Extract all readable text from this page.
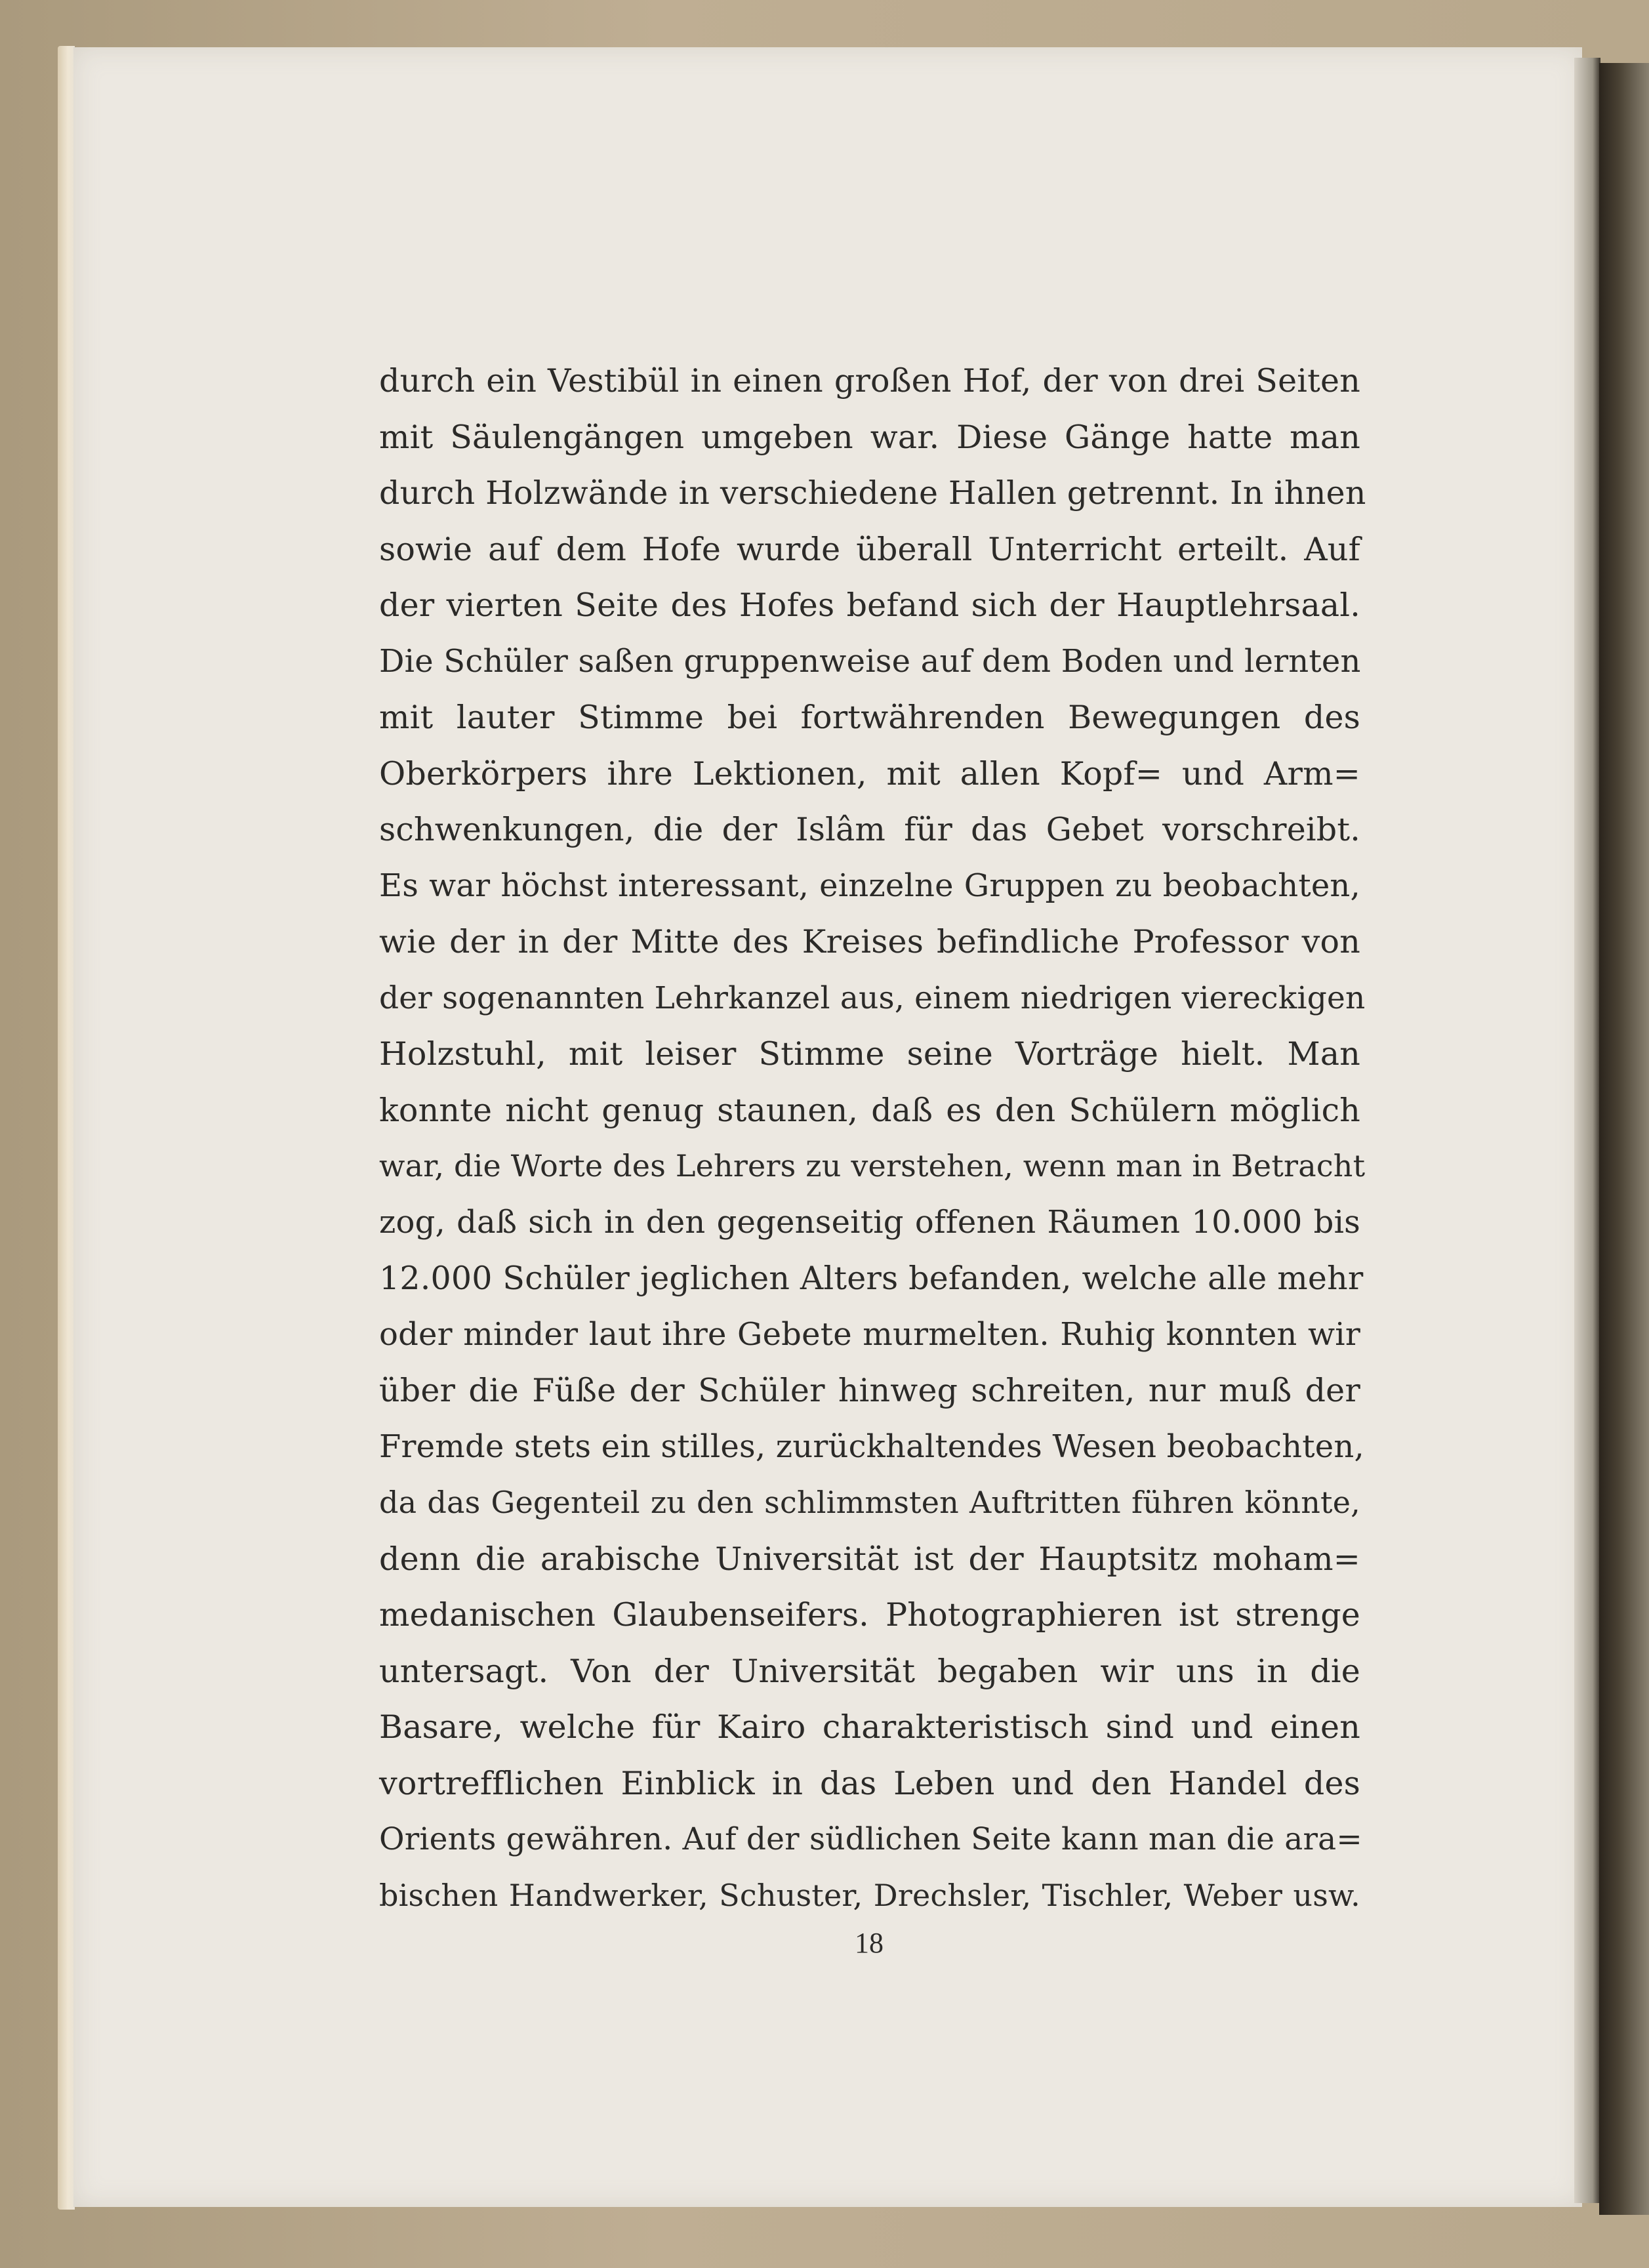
durch ein Vestibül in einen großen Hof, der von drei Seiten
mit Säulengängen umgeben war. Diese Gänge hatte man
durch Holzwände in verschiedene Hallen getrennt. In ihnen
sowie auf dem Hofe wurde überall Unterricht erteilt. Auf
der vierten Seite des Hofes befand sich der Hauptlehrsaal.
Die Schüler saßen gruppenweise auf dem Boden und lernten
mit lauter Stimme bei fortwährenden Bewegungen des
Oberkörpers ihre Lektionen, mit allen Kopf= und Arm=
schwenkungen, die der Islâm für das Gebet vorschreibt.
Es war höchst interessant, einzelne Gruppen zu beobachten,
wie der in der Mitte des Kreises befindliche Professor von
der sogenannten Lehrkanzel aus, einem niedrigen viereckigen
Holzstuhl, mit leiser Stimme seine Vorträge hielt. Man
konnte nicht genug staunen, daß es den Schülern möglich
war, die Worte des Lehrers zu verstehen, wenn man in Betracht
zog, daß sich in den gegenseitig offenen Räumen 10.000 bis
12.000 Schüler jeglichen Alters befanden, welche alle mehr
oder minder laut ihre Gebete murmelten. Ruhig konnten wir
über die Füße der Schüler hinweg schreiten, nur muß der
Fremde stets ein stilles, zurückhaltendes Wesen beobachten,
da das Gegenteil zu den schlimmsten Auftritten führen könnte,
denn die arabische Universität ist der Hauptsitz moham=
medanischen Glaubenseifers. Photographieren ist strenge
untersagt. Von der Universität begaben wir uns in die
Basare, welche für Kairo charakteristisch sind und einen
vortrefflichen Einblick in das Leben und den Handel des
Orients gewähren. Auf der südlichen Seite kann man die ara=
bischen Handwerker, Schuster, Drechsler, Tischler, Weber usw.
18
